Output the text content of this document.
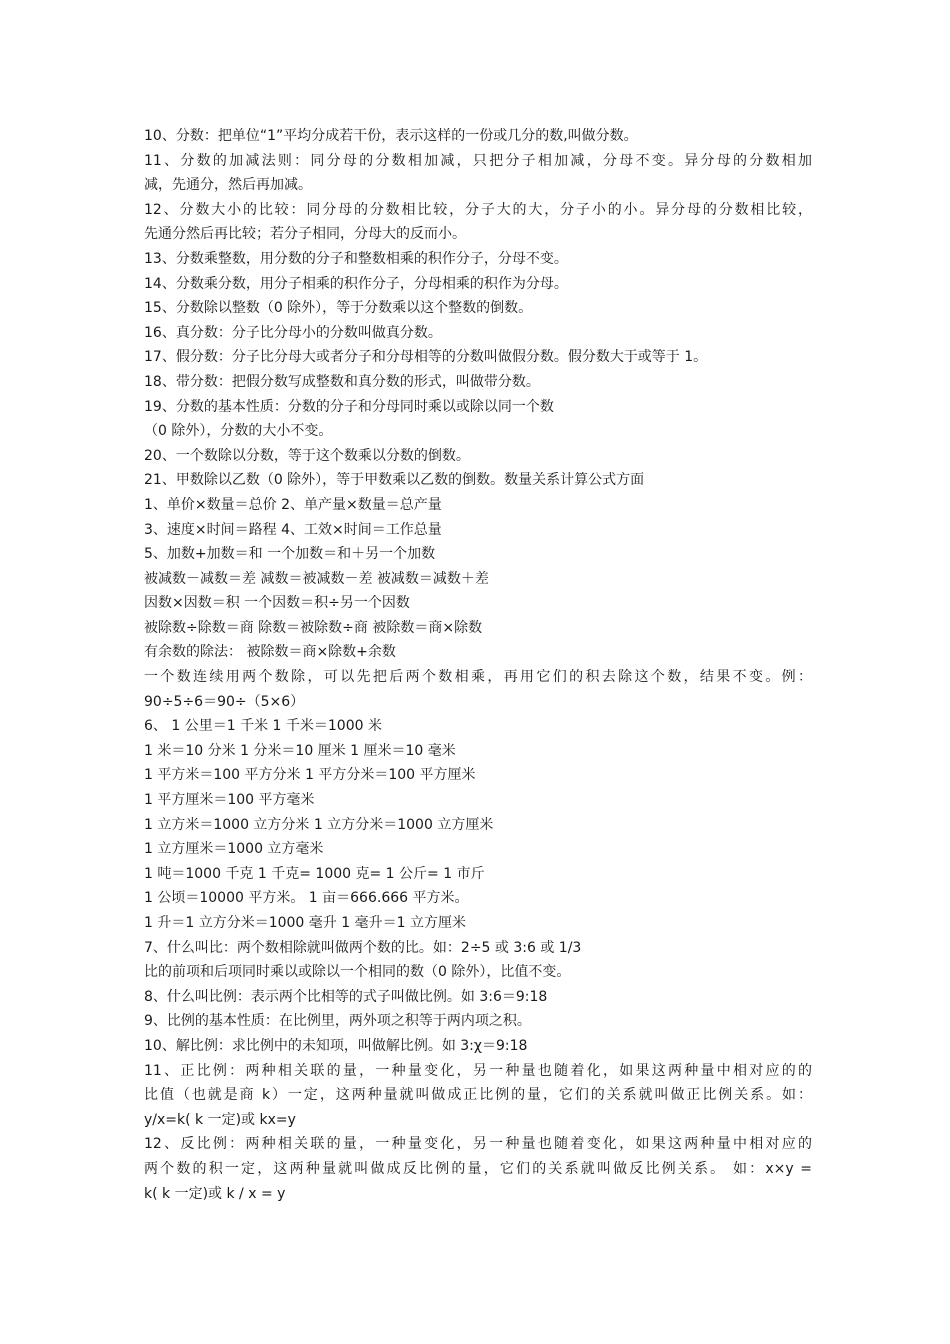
10、分数：把单位“1”平均分成若干份，表示这样的一份或几分的数,叫做分数。

11、分数的加减法则：同分母的分数相加减，只把分子相加减，分母不变。异分母的分数相加

减，先通分，然后再加减。

12、分数大小的比较：同分母的分数相比较，分子大的大，分子小的小。异分母的分数相比较，

先通分然后再比较；若分子相同，分母大的反而小。

13、分数乘整数，用分数的分子和整数相乘的积作分子，分母不变。

14、分数乘分数，用分子相乘的积作分子，分母相乘的积作为分母。

15、分数除以整数（0 除外），等于分数乘以这个整数的倒数。

16、真分数：分子比分母小的分数叫做真分数。

17、假分数：分子比分母大或者分子和分母相等的分数叫做假分数。假分数大于或等于 1。

18、带分数：把假分数写成整数和真分数的形式，叫做带分数。

19、分数的基本性质：分数的分子和分母同时乘以或除以同一个数

（0 除外），分数的大小不变。

20、一个数除以分数，等于这个数乘以分数的倒数。

21、甲数除以乙数（0 除外），等于甲数乘以乙数的倒数。数量关系计算公式方面

1、单价×数量＝总价 2、单产量×数量＝总产量

3、速度×时间＝路程 4、工效×时间＝工作总量

5、加数+加数＝和 一个加数＝和＋另一个加数

被减数－减数＝差 减数＝被减数－差 被减数＝减数＋差

因数×因数＝积 一个因数＝积÷另一个因数

被除数÷除数＝商 除数＝被除数÷商 被除数＝商×除数

有余数的除法： 被除数＝商×除数+余数

一个数连续用两个数除，可以先把后两个数相乘，再用它们的积去除这个数，结果不变。例：

90÷5÷6＝90÷（5×6）

6、 1 公里＝1 千米 1 千米＝1000 米

1 米＝10 分米 1 分米＝10 厘米 1 厘米＝10 毫米

1 平方米＝100 平方分米 1 平方分米＝100 平方厘米

1 平方厘米＝100 平方毫米

1 立方米＝1000 立方分米 1 立方分米＝1000 立方厘米

1 立方厘米＝1000 立方毫米

1 吨＝1000 千克 1 千克= 1000 克= 1 公斤= 1 市斤

1 公顷＝10000 平方米。 1 亩＝666.666 平方米。

1 升＝1 立方分米＝1000 毫升 1 毫升＝1 立方厘米

7、什么叫比：两个数相除就叫做两个数的比。如：2÷5 或 3:6 或 1/3

比的前项和后项同时乘以或除以一个相同的数（0 除外），比值不变。

8、什么叫比例：表示两个比相等的式子叫做比例。如 3:6＝9:18

9、比例的基本性质：在比例里，两外项之积等于两内项之积。

10、解比例：求比例中的未知项，叫做解比例。如 3:χ＝9:18

11、正比例：两种相关联的量，一种量变化，另一种量也随着化，如果这两种量中相对应的的

比值（也就是商 k）一定，这两种量就叫做成正比例的量，它们的关系就叫做正比例关系。如：

y/x=k( k 一定)或 kx=y

12、反比例：两种相关联的量，一种量变化，另一种量也随着变化，如果这两种量中相对应的

两个数的积一定，这两种量就叫做成反比例的量，它们的关系就叫做反比例关系。 如：x×y =

k( k 一定)或 k / x = y
